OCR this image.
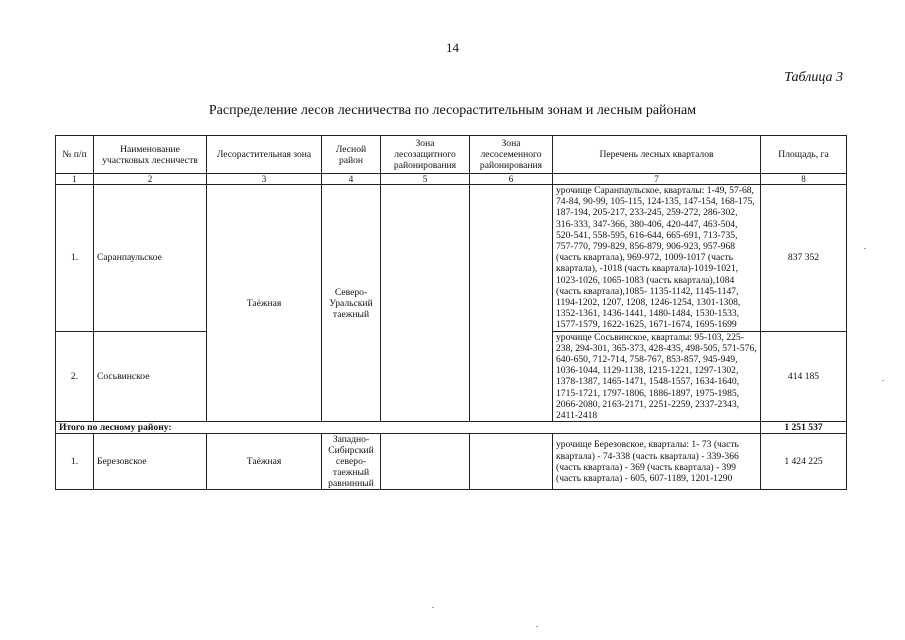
14
Таблица 3
Распределение лесов лесничества по лесорастительным зонам и лесным районам
№ п/п	Наименование участковых лесничеств	Лесорастительная зона	Лесной район	Зона лесозащитного районирования	Зона лесосеменного районирования	Перечень лесных кварталов	Площадь, га
1	2	3	4	5	6	7	8
1.	Саранпаульское	Таёжная	Северо-Уральский таежный			урочище Саранпаульское, кварталы: 1-49, 57-68, 74-84, 90-99, 105-115, 124-135, 147-154, 168-175, 187-194, 205-217, 233-245, 259-272, 286-302, 316-333, 347-366, 380-406, 420-447, 463-504, 520-541, 558-595, 616-644, 665-691, 713-735, 757-770, 799-829, 856-879, 906-923, 957-968 (часть квартала), 969-972, 1009-1017 (часть квартала), -1018 (часть квартала)-1019-1021, 1023-1026, 1065-1083 (часть квартала),1084 (часть квартала),1085- 1135-1142, 1145-1147, 1194-1202, 1207, 1208, 1246-1254, 1301-1308, 1352-1361, 1436-1441, 1480-1484, 1530-1533, 1577-1579, 1622-1625, 1671-1674, 1695-1699	837 352
2.	Сосьвинское					урочище Сосьвинское, кварталы: 95-103, 225-238, 294-301, 365-373, 428-435, 498-505, 571-576, 640-650, 712-714, 758-767, 853-857, 945-949, 1036-1044, 1129-1138, 1215-1221, 1297-1302, 1378-1387, 1465-1471, 1548-1557, 1634-1640, 1715-1721, 1797-1806, 1886-1897, 1975-1985, 2066-2080, 2163-2171, 2251-2259, 2337-2343, 2411-2418	414 185
Итого по лесному району:							1 251 537
1.	Березовское	Таёжная	Западно-Сибирский северо-таежный равнинный			урочище Березовское, кварталы: 1- 73 (часть квартала) - 74-338 (часть квартала) - 339-366 (часть квартала) - 369 (часть квартала) - 399 (часть квартала) - 605, 607-1189, 1201-1290	1 424 225
